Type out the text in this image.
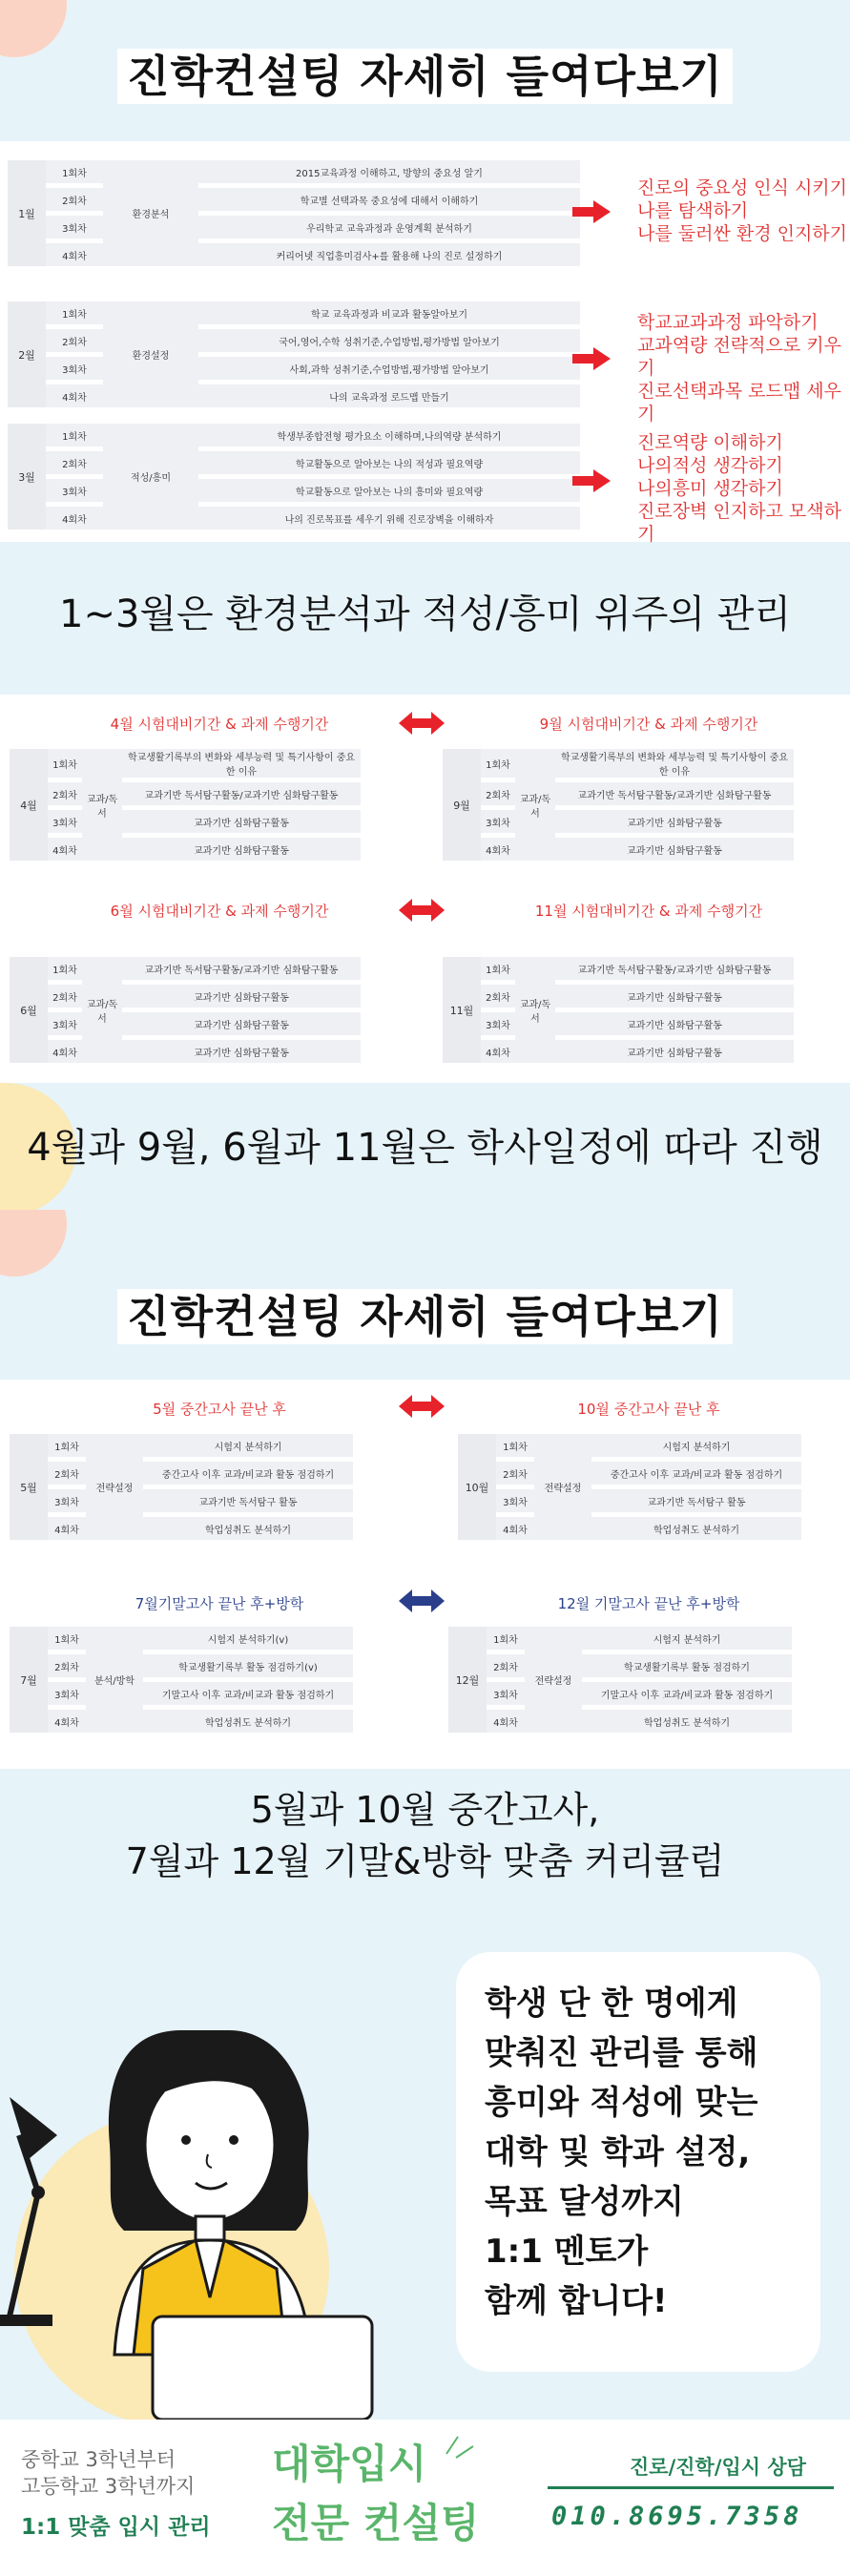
진학컨설팅 자세히 들여다보기
1월	1회차	환경분석	2015교육과정 이해하고, 방향의 중요성 알기
	2회차		학교별 선택과목 중요성에 대해서 이해하기
	3회차		우리학교 교육과정과 운영계획 분석하기
	4회차		커리어넷 직업흥미검사+를 활용해 나의 진로 설정하기
진로의 중요성 인식 시키기
나를 탐색하기
나를 둘러싼 환경 인지하기
2월	1회차	환경설정	학교 교육과정과 비교과 활동알아보기
	2회차		국어,영어,수학 성취기준,수업방법,평가방법 알아보기
	3회차		사회,과학 성취기준,수업방법,평가방법 알아보기
	4회차		나의 교육과정 로드맵 만들기
학교교과과정 파악하기
교과역량 전략적으로 키우기
진로선택과목 로드맵 세우기
3월	1회차	적성/흥미	학생부종합전형 평가요소 이해하며,나의역량 분석하기
	2회차		학교활동으로 알아보는 나의 적성과 필요역량
	3회차		학교활동으로 알아보는 나의 흥미와 필요역량
	4회차		나의 진로목표를 세우기 위해 진로장벽을 이해하자
진로역량 이해하기
나의적성 생각하기
나의흥미 생각하기
진로장벽 인지하고 모색하기
1~3월은 환경분석과 적성/흥미 위주의 관리
4월 시험대비기간 & 과제 수행기간	9월 시험대비기간 & 과제 수행기간
4월	1회차	교과/독서	학교생활기록부의 변화와 세부능력 및 특기사항이 중요한 이유
	2회차		교과기반 독서탐구활동/교과기반 심화탐구활동
	3회차		교과기반 심화탐구활동
	4회차		교과기반 심화탐구활동
9월	1회차	교과/독서	학교생활기록부의 변화와 세부능력 및 특기사항이 중요한 이유
	2회차		교과기반 독서탐구활동/교과기반 심화탐구활동
	3회차		교과기반 심화탐구활동
	4회차		교과기반 심화탐구활동
6월 시험대비기간 & 과제 수행기간	11월 시험대비기간 & 과제 수행기간
6월	1회차	교과/독서	교과기반 독서탐구활동/교과기반 심화탐구활동
	2회차		교과기반 심화탐구활동
	3회차		교과기반 심화탐구활동
	4회차		교과기반 심화탐구활동
11월	1회차	교과/독서	교과기반 독서탐구활동/교과기반 심화탐구활동
	2회차		교과기반 심화탐구활동
	3회차		교과기반 심화탐구활동
	4회차		교과기반 심화탐구활동
4월과 9월, 6월과 11월은 학사일정에 따라 진행
진학컨설팅 자세히 들여다보기
5월 중간고사 끝난 후	10월 중간고사 끝난 후
5월	1회차	전략설정	시험지 분석하기
	2회차		중간고사 이후 교과/비교과 활동 점검하기
	3회차		교과기반 독서탐구 활동
	4회차		학업성취도 분석하기
10월	1회차	전략설정	시험지 분석하기
	2회차		중간고사 이후 교과/비교과 활동 점검하기
	3회차		교과기반 독서탐구 활동
	4회차		학업성취도 분석하기
7월기말고사 끝난 후+방학	12월 기말고사 끝난 후+방학
7월	1회차	분석/방학	시험지 분석하기(v)
	2회차		학교생활기록부 활동 점검하기(v)
	3회차		기말고사 이후 교과/비교과 활동 점검하기
	4회차		학업성취도 분석하기
12월	1회차	전략설정	시험지 분석하기
	2회차		학교생활기록부 활동 점검하기
	3회차		기말고사 이후 교과/비교과 활동 점검하기
	4회차		학업성취도 분석하기
5월과 10월 중간고사,
7월과 12월 기말&방학 맞춤 커리큘럼
학생 단 한 명에게
맞춰진 관리를 통해
흥미와 적성에 맞는
대학 및 학과 설정,
목표 달성까지
1:1 멘토가
함께 합니다!
중학교 3학년부터
고등학교 3학년까지
1:1 맞춤 입시 관리
대학입시
전문 컨설팅
진로/진학/입시 상담
010.8695.7358
